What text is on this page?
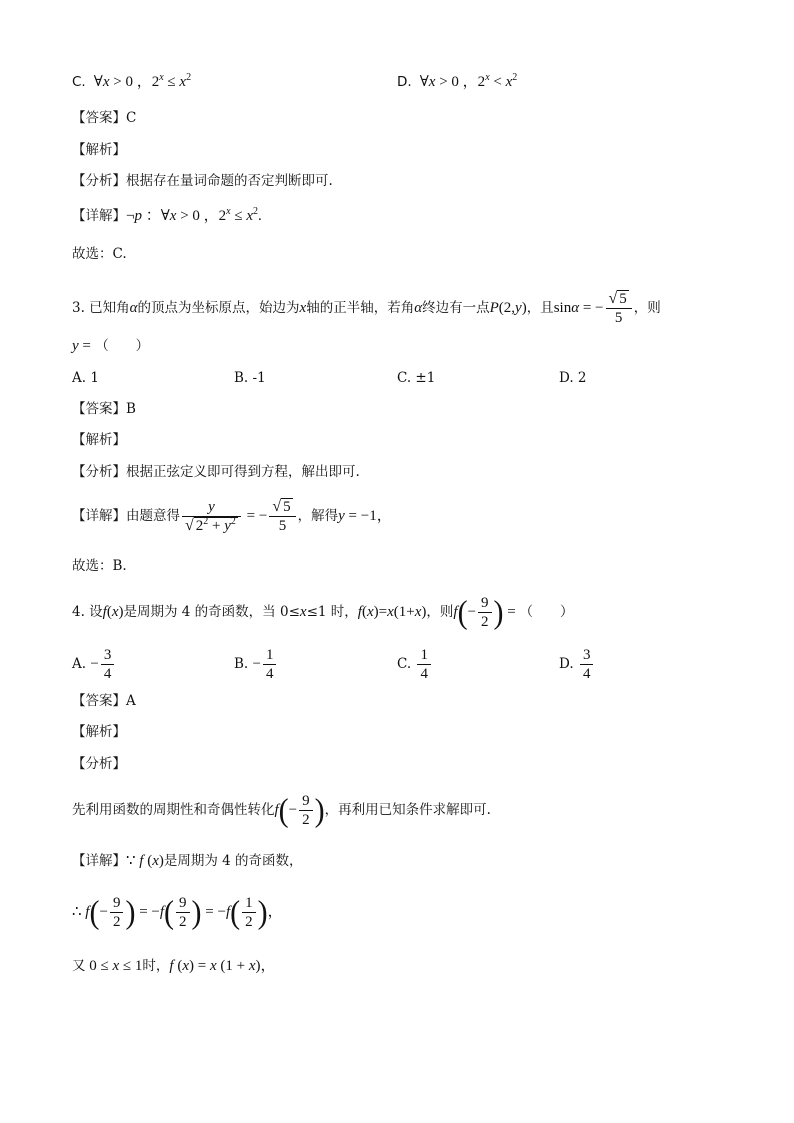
C.  ∀x > 0 ，$2^x \le x^2$	D.  ∀x > 0 ，$2^x < x^2$
【答案】C
【解析】
【分析】根据存在量词命题的否定判断即可.
【详解】¬p ：∀x > 0 ，$2^x \le x^2$.
故选：C.
3. 已知角α的顶点为坐标原点，始边为x轴的正半轴，若角α终边有一点P(2,y)，且sinα = − $\frac{√ 5}{5}$ ，则
y = （　　）
A. 1	B. -1	C. ±1	D. 2
【答案】B
【解析】
【分析】根据正弦定义即可得到方程，解出即可.
【详解】由题意得 $\frac{y}{√ 2^2 + y^2}$ = − $\frac{√ 5}{5}$ ，解得y = −1，
故选：B.
4. 设f(x)是周期为 4 的奇函数，当 0≤x≤1 时，f(x)=x(1+x)，则$f(- \frac{9}{2}$ ) = （　　）
A. − $\frac{3}{4}$	B. − $\frac{1}{4}$	C. $\frac{1}{4}$	D. $\frac{3}{4}$
【答案】A
【解析】
【分析】
先利用函数的周期性和奇偶性转化$f(- \frac{9}{2}$ )，再利用已知条件求解即可.
【详解】∵ f (x)是周期为 4 的奇函数，
∴ $f(- \frac{9}{2}$ ) = $-f( \frac{9}{2}$ ) = $-f( \frac{1}{2}$ )，
又 0 ≤ x ≤ 1时，f (x) = x (1 + x)，
